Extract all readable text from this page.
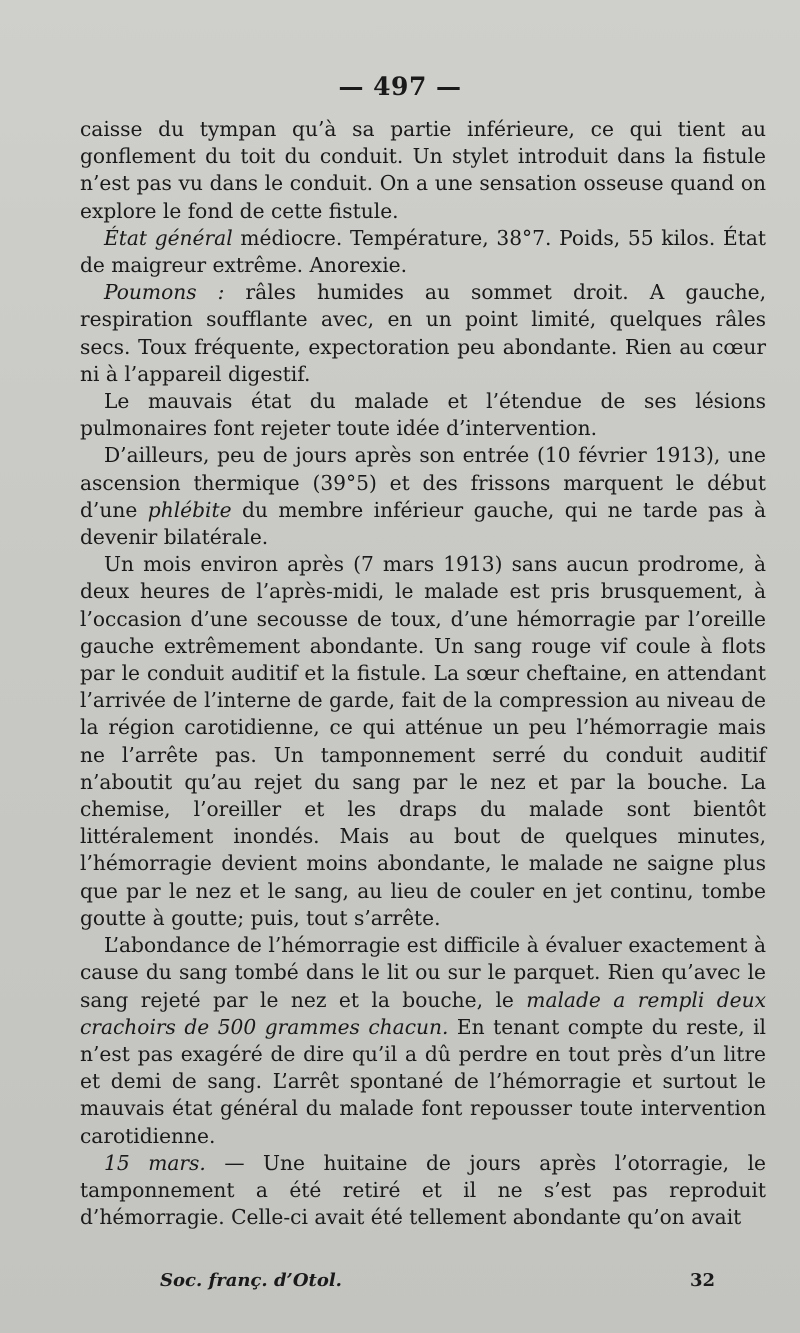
— 497 —

caisse du tympan qu’à sa partie inférieure, ce qui tient au gonflement du toit du conduit. Un stylet introduit dans la fistule n’est pas vu dans le conduit. On a une sensation osseuse quand on explore le fond de cette fistule.

État général médiocre. Température, 38°7. Poids, 55 kilos. État de maigreur extrême. Anorexie.

Poumons : râles humides au sommet droit. A gauche, respiration soufflante avec, en un point limité, quelques râles secs. Toux fréquente, expectoration peu abondante. Rien au cœur ni à l’appareil digestif.

Le mauvais état du malade et l’étendue de ses lésions pulmonaires font rejeter toute idée d’intervention.

D’ailleurs, peu de jours après son entrée (10 février 1913), une ascension thermique (39°5) et des frissons marquent le début d’une phlébite du membre inférieur gauche, qui ne tarde pas à devenir bilatérale.

Un mois environ après (7 mars 1913) sans aucun prodrome, à deux heures de l’après-midi, le malade est pris brusquement, à l’occasion d’une secousse de toux, d’une hémorragie par l’oreille gauche extrêmement abondante. Un sang rouge vif coule à flots par le conduit auditif et la fistule. La sœur cheftaine, en attendant l’arrivée de l’interne de garde, fait de la compression au niveau de la région carotidienne, ce qui atténue un peu l’hémorragie mais ne l’arrête pas. Un tamponnement serré du conduit auditif n’aboutit qu’au rejet du sang par le nez et par la bouche. La chemise, l’oreiller et les draps du malade sont bientôt littéralement inondés. Mais au bout de quelques minutes, l’hémorragie devient moins abondante, le malade ne saigne plus que par le nez et le sang, au lieu de couler en jet continu, tombe goutte à goutte; puis, tout s’arrête.

L’abondance de l’hémorragie est difficile à évaluer exactement à cause du sang tombé dans le lit ou sur le parquet. Rien qu’avec le sang rejeté par le nez et la bouche, le malade a rempli deux crachoirs de 500 grammes chacun. En tenant compte du reste, il n’est pas exagéré de dire qu’il a dû perdre en tout près d’un litre et demi de sang. L’arrêt spontané de l’hémorragie et surtout le mauvais état général du malade font repousser toute intervention carotidienne.

15 mars. — Une huitaine de jours après l’otorragie, le tamponnement a été retiré et il ne s’est pas reproduit d’hémorragie. Celle-ci avait été tellement abondante qu’on avait

Soc. franç. d’Otol.	32
